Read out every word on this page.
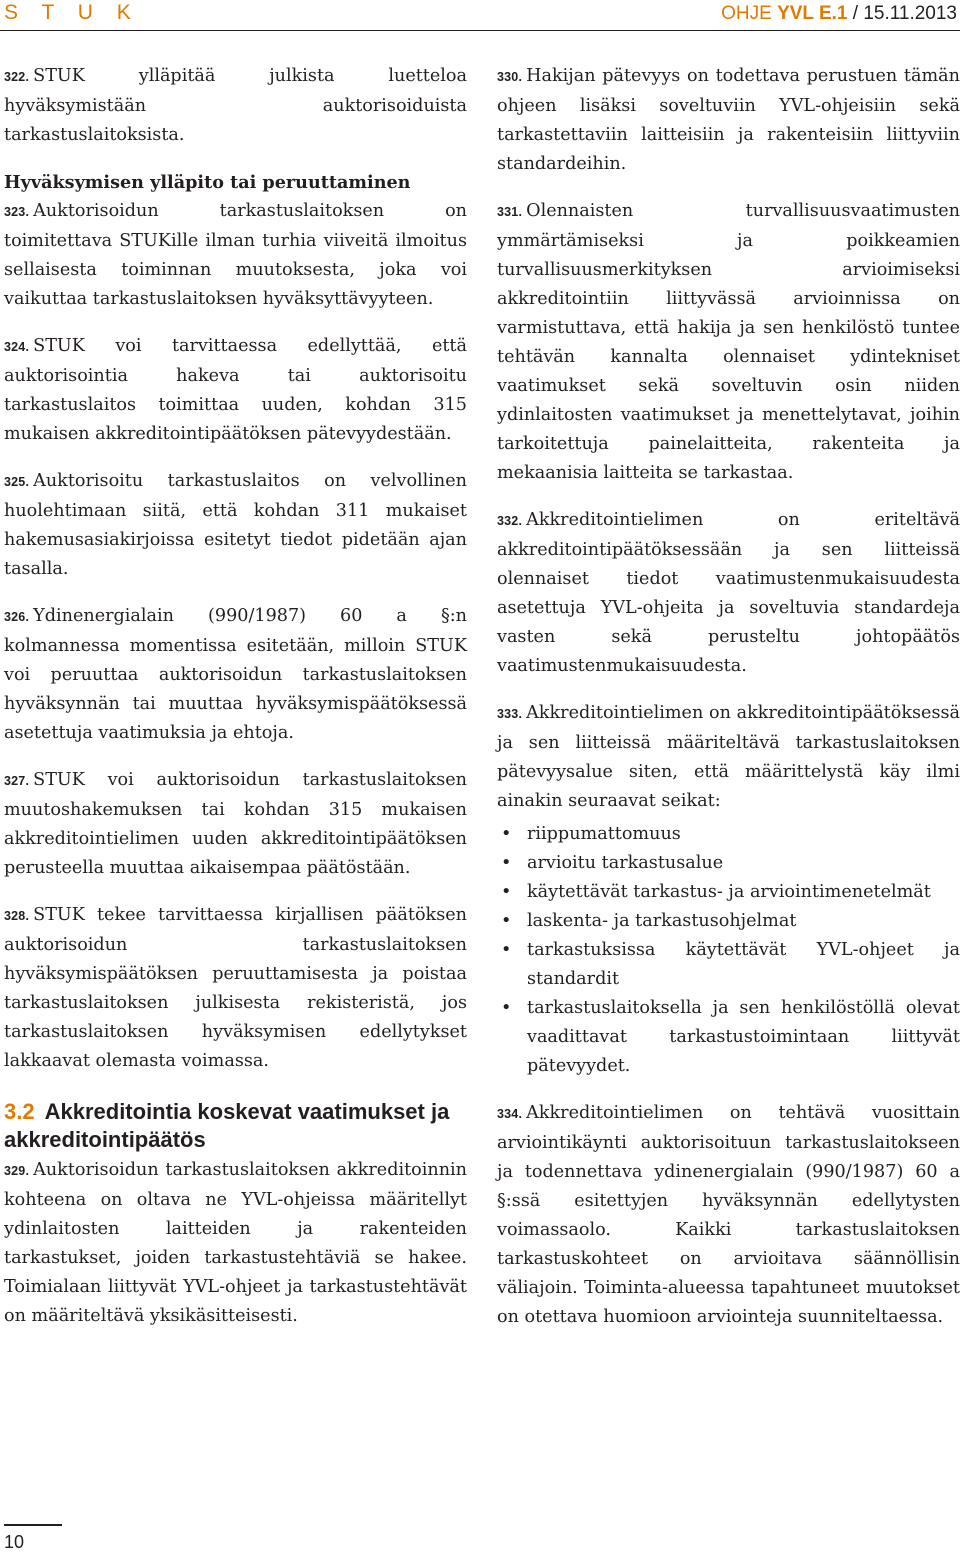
S T U K	OHJE YVL E.1 / 15.11.2013

322. STUK ylläpitää julkista luetteloa hyväksymistään auktorisoiduista tarkastuslaitoksista.

Hyväksymisen ylläpito tai peruuttaminen

323. Auktorisoidun tarkastuslaitoksen on toimitettava STUKille ilman turhia viiveitä ilmoitus sellaisesta toiminnan muutoksesta, joka voi vaikuttaa tarkastuslaitoksen hyväksyttävyyteen.

324. STUK voi tarvittaessa edellyttää, että auktorisointia hakeva tai auktorisoitu tarkastuslaitos toimittaa uuden, kohdan 315 mukaisen akkreditointipäätöksen pätevyydestään.

325. Auktorisoitu tarkastuslaitos on velvollinen huolehtimaan siitä, että kohdan 311 mukaiset hakemusasiakirjoissa esitetyt tiedot pidetään ajan tasalla.

326. Ydinenergialain (990/1987) 60 a §:n kolmannessa momentissa esitetään, milloin STUK voi peruuttaa auktorisoidun tarkastuslaitoksen hyväksynnän tai muuttaa hyväksymispäätöksessä asetettuja vaatimuksia ja ehtoja.

327. STUK voi auktorisoidun tarkastuslaitoksen muutoshakemuksen tai kohdan 315 mukaisen akkreditointielimen uuden akkreditointipäätöksen perusteella muuttaa aikaisempaa päätöstään.

328. STUK tekee tarvittaessa kirjallisen päätöksen auktorisoidun tarkastuslaitoksen hyväksymispäätöksen peruuttamisesta ja poistaa tarkastuslaitoksen julkisesta rekisteristä, jos tarkastuslaitoksen hyväksymisen edellytykset lakkaavat olemasta voimassa.

3.2 Akkreditointia koskevat vaatimukset ja akkreditointipäätös

329. Auktorisoidun tarkastuslaitoksen akkreditoinnin kohteena on oltava ne YVL-ohjeissa määritellyt ydinlaitosten laitteiden ja rakenteiden tarkastukset, joiden tarkastustehtäviä se hakee. Toimialaan liittyvät YVL-ohjeet ja tarkastustehtävät on määriteltävä yksikäsitteisesti.

330. Hakijan pätevyys on todettava perustuen tämän ohjeen lisäksi soveltuviin YVL-ohjeisiin sekä tarkastettaviin laitteisiin ja rakenteisiin liittyviin standardeihin.

331. Olennaisten turvallisuusvaatimusten ymmärtämiseksi ja poikkeamien turvallisuusmerkityksen arvioimiseksi akkreditointiin liittyvässä arvioinnissa on varmistuttava, että hakija ja sen henkilöstö tuntee tehtävän kannalta olennaiset ydintekniset vaatimukset sekä soveltuvin osin niiden ydinlaitosten vaatimukset ja menettelytavat, joihin tarkoitettuja painelaitteita, rakenteita ja mekaanisia laitteita se tarkastaa.

332. Akkreditointielimen on eriteltävä akkreditointipäätöksessään ja sen liitteissä olennaiset tiedot vaatimustenmukaisuudesta asetettuja YVL-ohjeita ja soveltuvia standardeja vasten sekä perusteltu johtopäätös vaatimustenmukaisuudesta.

333. Akkreditointielimen on akkreditointipäätöksessä ja sen liitteissä määriteltävä tarkastuslaitoksen pätevyysalue siten, että määrittelystä käy ilmi ainakin seuraavat seikat:

• riippumattomuus
• arvioitu tarkastusalue
• käytettävät tarkastus- ja arviointimenetelmät
• laskenta- ja tarkastusohjelmat
• tarkastuksissa käytettävät YVL-ohjeet ja standardit
• tarkastuslaitoksella ja sen henkilöstöllä olevat vaadittavat tarkastustoimintaan liittyvät pätevyydet.

334. Akkreditointielimen on tehtävä vuosittain arviointikäynti auktorisoituun tarkastuslaitokseen ja todennettava ydinenergialain (990/1987) 60 a §:ssä esitettyjen hyväksynnän edellytysten voimassaolo. Kaikki tarkastuslaitoksen tarkastuskohteet on arvioitava säännöllisin väliajoin. Toiminta-alueessa tapahtuneet muutokset on otettava huomioon arviointeja suunniteltaessa.

10
